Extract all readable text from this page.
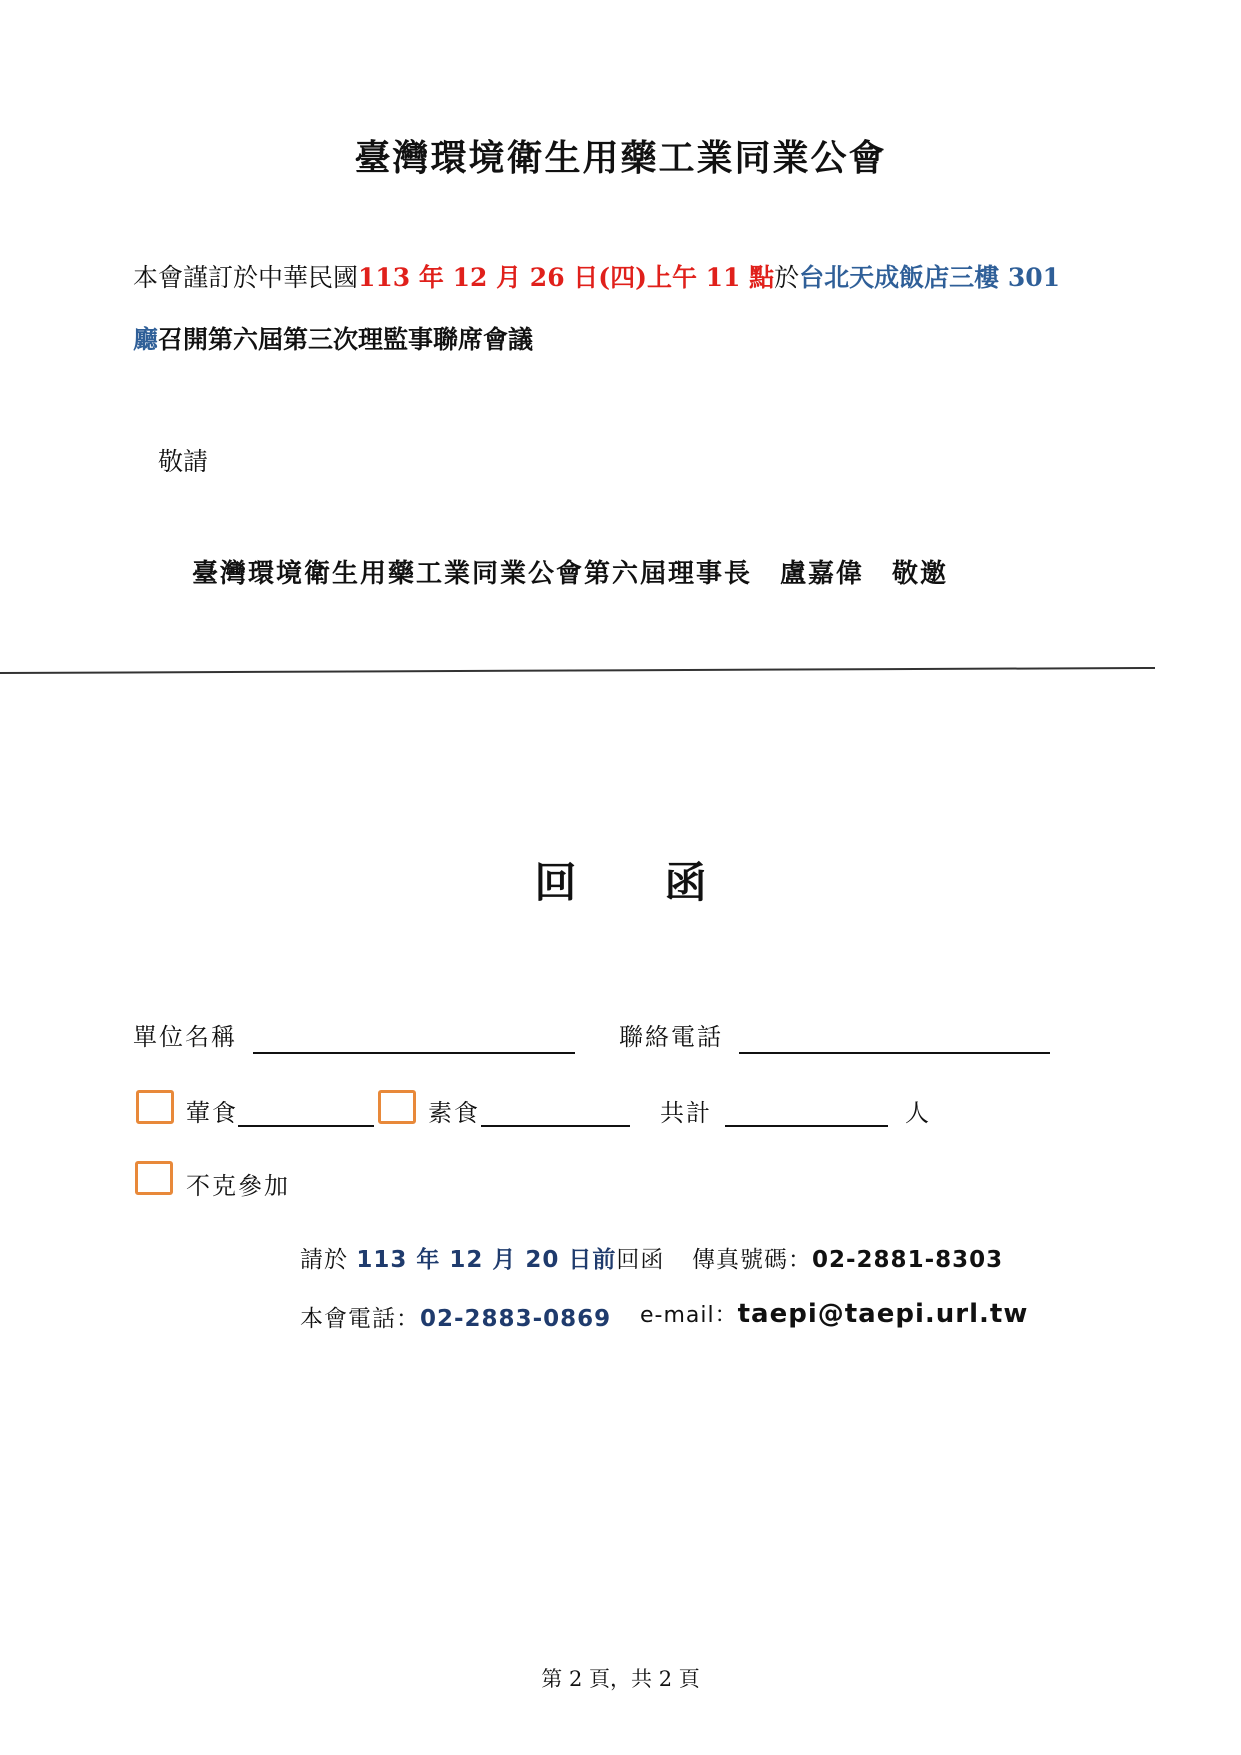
臺灣環境衛生用藥工業同業公會
本會謹訂於中華民國113 年 12 月 26 日(四)上午 11 點於台北天成飯店三樓 301
廳召開第六屆第三次理監事聯席會議
敬請
臺灣環境衛生用藥工業同業公會第六屆理事長 盧嘉偉 敬邀
回 函
單位名稱	聯絡電話
葷食	素食	共計	人
不克參加
請於 113 年 12 月 20 日前回函 傳真號碼：02-2881-8303
本會電話：02-2883-0869 e-mail：taepi@taepi.url.tw
第 2 頁，共 2 頁
